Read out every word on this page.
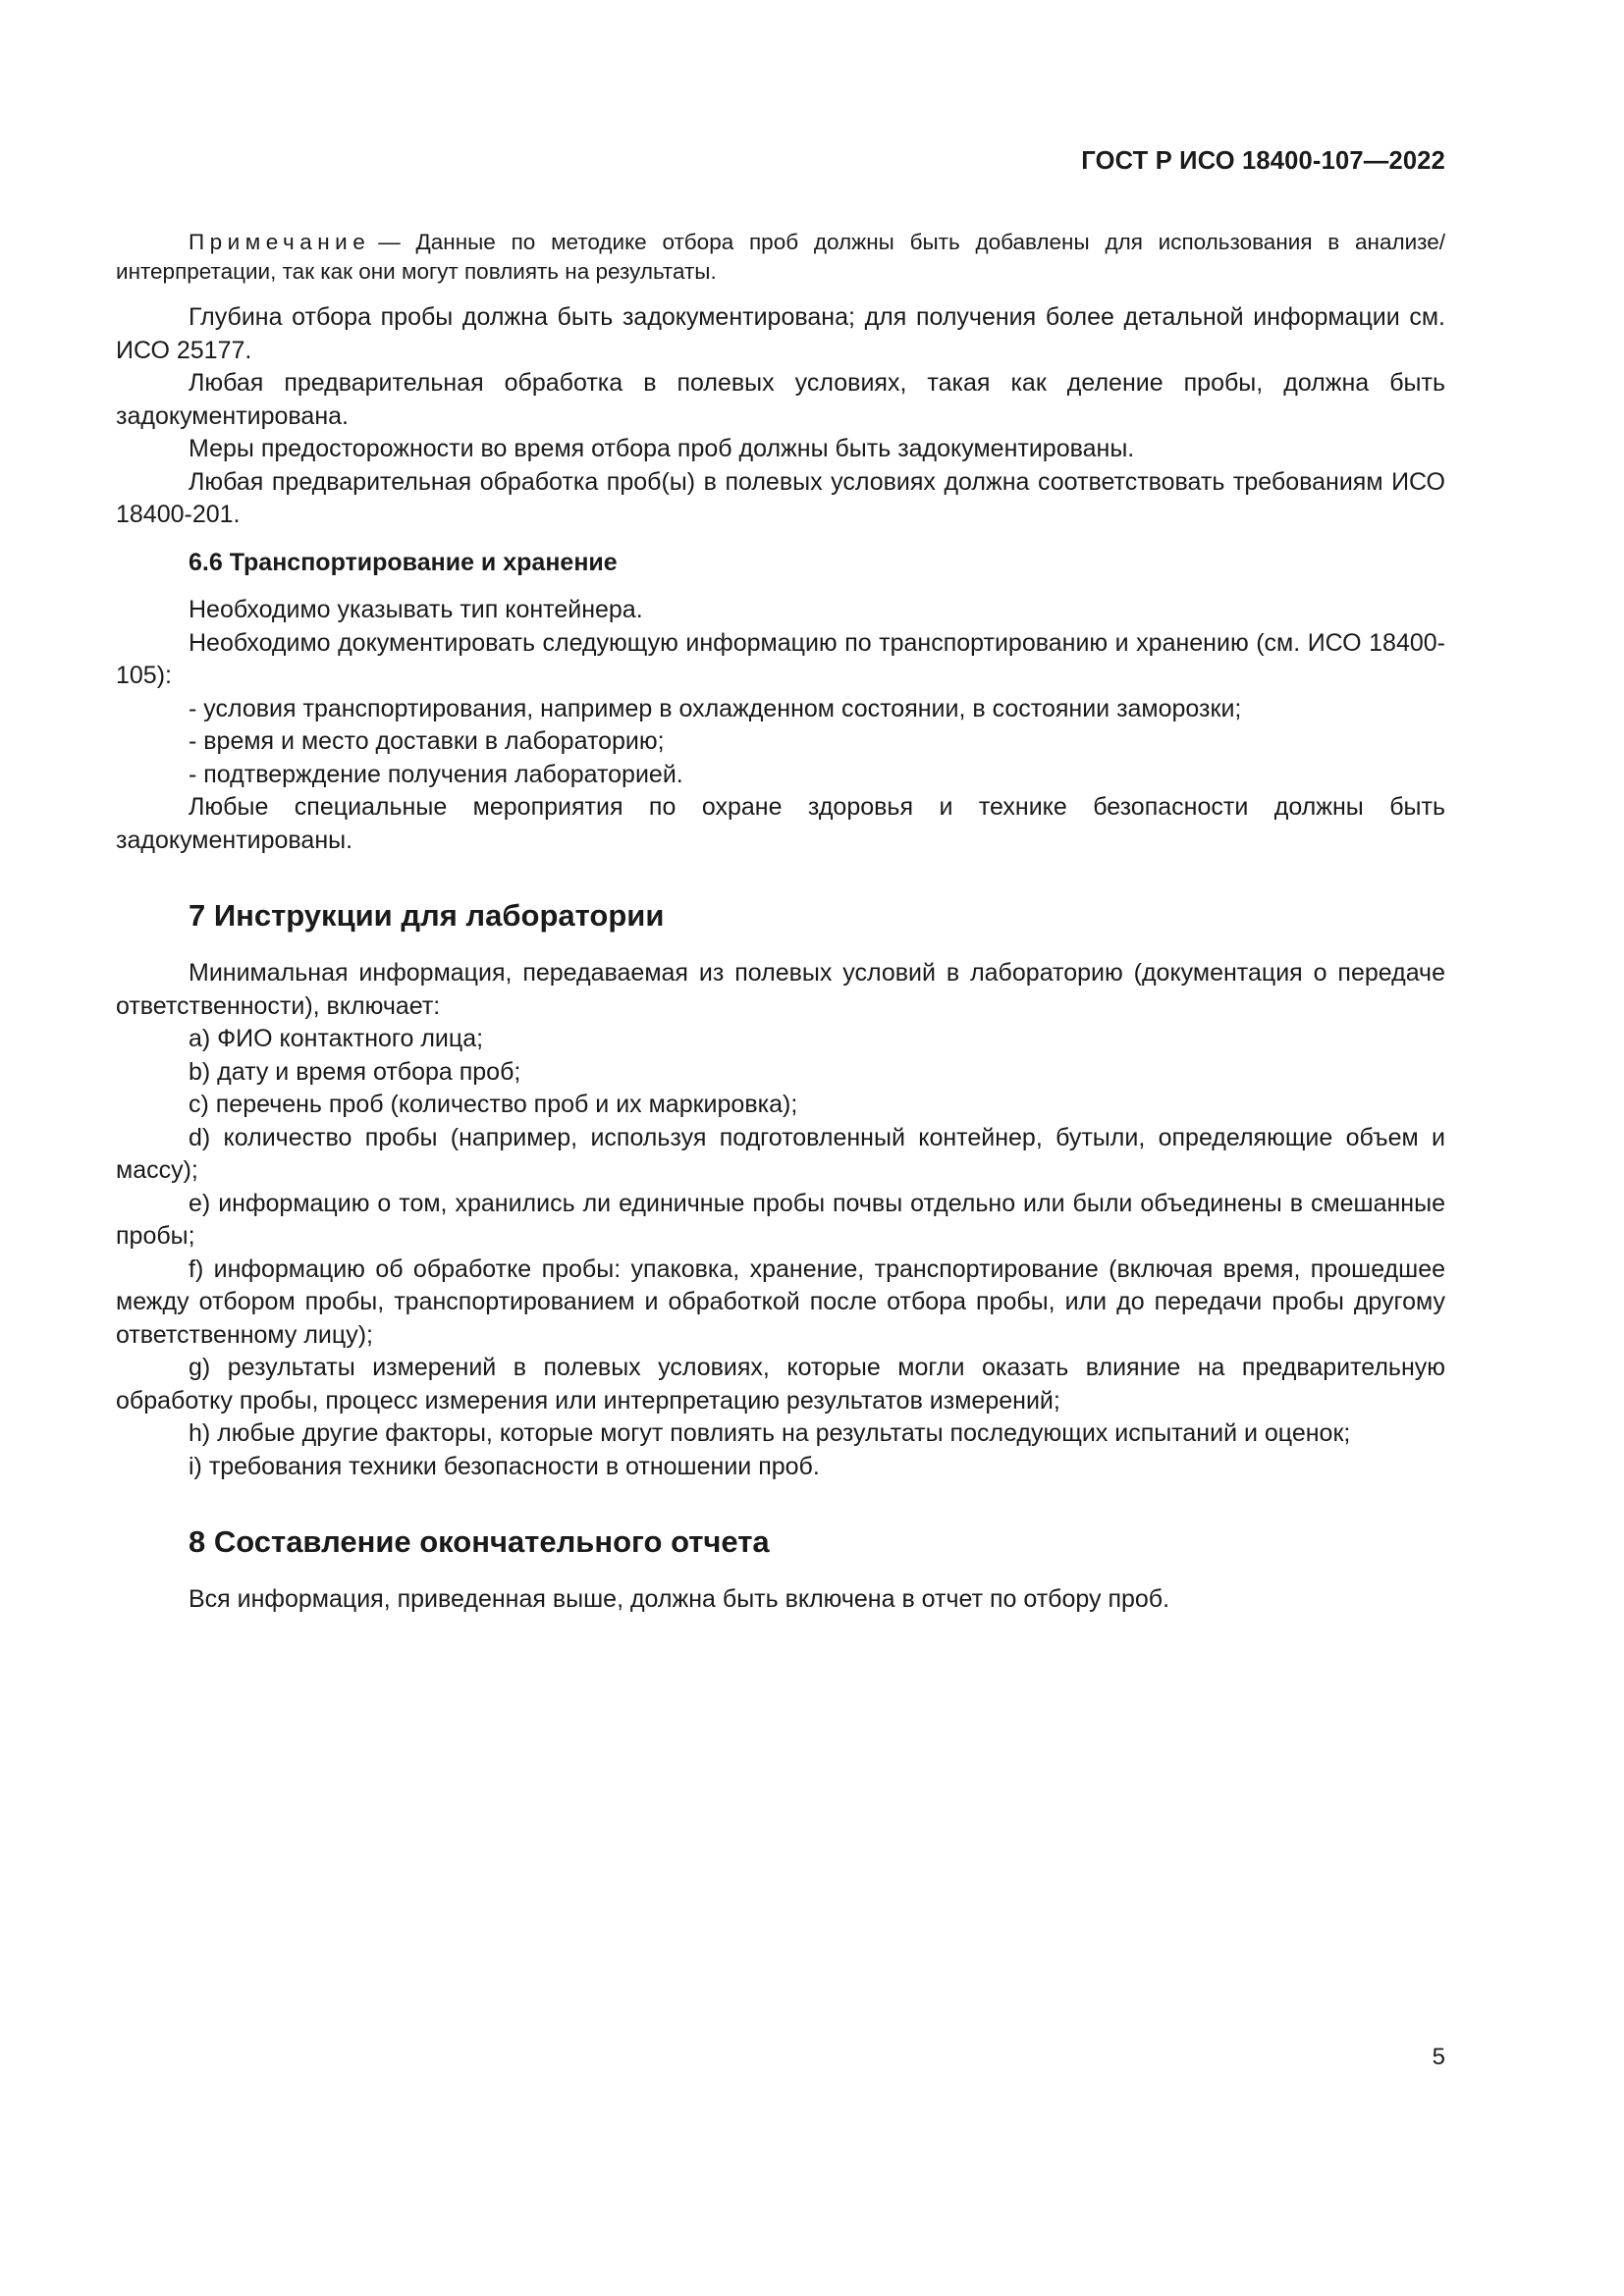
ГОСТ Р ИСО 18400-107—2022

Примечание — Данные по методике отбора проб должны быть добавлены для использования в анализе/интерпретации, так как они могут повлиять на результаты.

Глубина отбора пробы должна быть задокументирована; для получения более детальной информации см. ИСО 25177.

Любая предварительная обработка в полевых условиях, такая как деление пробы, должна быть задокументирована.

Меры предосторожности во время отбора проб должны быть задокументированы.

Любая предварительная обработка проб(ы) в полевых условиях должна соответствовать требованиям ИСО 18400-201.

6.6 Транспортирование и хранение

Необходимо указывать тип контейнера.

Необходимо документировать следующую информацию по транспортированию и хранению (см. ИСО 18400-105):

- условия транспортирования, например в охлажденном состоянии, в состоянии заморозки;

- время и место доставки в лабораторию;

- подтверждение получения лабораторией.

Любые специальные мероприятия по охране здоровья и технике безопасности должны быть задокументированы.

7 Инструкции для лаборатории

Минимальная информация, передаваемая из полевых условий в лабораторию (документация о передаче ответственности), включает:

a) ФИО контактного лица;

b) дату и время отбора проб;

c) перечень проб (количество проб и их маркировка);

d) количество пробы (например, используя подготовленный контейнер, бутыли, определяющие объем и массу);

e) информацию о том, хранились ли единичные пробы почвы отдельно или были объединены в смешанные пробы;

f) информацию об обработке пробы: упаковка, хранение, транспортирование (включая время, прошедшее между отбором пробы, транспортированием и обработкой после отбора пробы, или до передачи пробы другому ответственному лицу);

g) результаты измерений в полевых условиях, которые могли оказать влияние на предварительную обработку пробы, процесс измерения или интерпретацию результатов измерений;

h) любые другие факторы, которые могут повлиять на результаты последующих испытаний и оценок;

i) требования техники безопасности в отношении проб.

8 Составление окончательного отчета

Вся информация, приведенная выше, должна быть включена в отчет по отбору проб.

5
